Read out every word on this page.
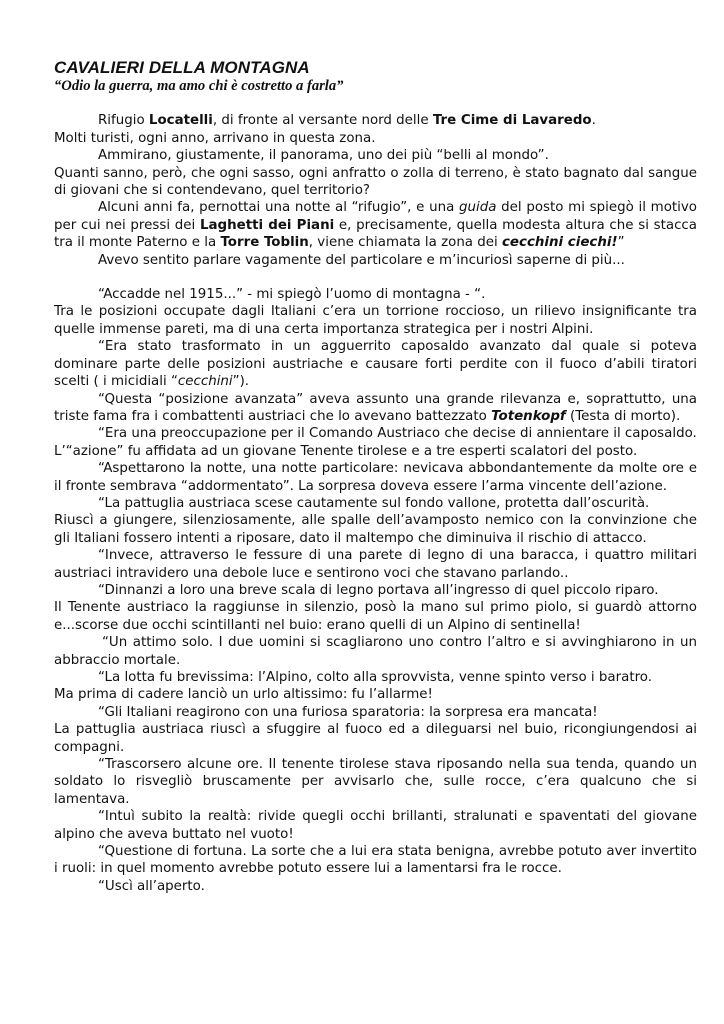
CAVALIERI DELLA MONTAGNA

“Odio la guerra, ma amo chi è costretto a farla”

Rifugio Locatelli, di fronte al versante nord delle Tre Cime di Lavaredo.

Molti turisti, ogni anno, arrivano in questa zona.

Ammirano, giustamente, il panorama, uno dei più “belli al mondo”.

Quanti sanno, però, che ogni sasso, ogni anfratto o zolla di terreno, è stato bagnato dal sangue di giovani che si contendevano, quel territorio?

Alcuni anni fa, pernottai una notte al “rifugio”, e una guida del posto mi spiegò il motivo per cui nei pressi dei Laghetti dei Piani e, precisamente, quella modesta altura che si stacca tra il monte Paterno e la Torre Toblin, viene chiamata la zona dei cecchini ciechi!”

Avevo sentito parlare vagamente del particolare e m’incuriosì saperne di più...

“Accadde nel 1915...” - mi spiegò l’uomo di montagna - “.

Tra le posizioni occupate dagli Italiani c’era un torrione roccioso, un rilievo insignificante tra quelle immense pareti, ma di una certa importanza strategica per i nostri Alpini.

“Era stato trasformato in un agguerrito caposaldo avanzato dal quale si poteva dominare parte delle posizioni austriache e causare forti perdite con il fuoco d’abili tiratori scelti ( i micidiali “cecchini”).

“Questa “posizione avanzata” aveva assunto una grande rilevanza e, soprattutto, una triste fama fra i combattenti austriaci che lo avevano battezzato Totenkopf (Testa di morto).

“Era una preoccupazione per il Comando Austriaco che decise di annientare il caposaldo.

L’“azione” fu affidata ad un giovane Tenente tirolese e a tre esperti scalatori del posto.

“Aspettarono la notte, una notte particolare: nevicava abbondantemente da molte ore e il fronte sembrava “addormentato”. La sorpresa doveva essere l’arma vincente dell’azione.

“La pattuglia austriaca scese cautamente sul fondo vallone, protetta dall’oscurità.

Riuscì a giungere, silenziosamente, alle spalle dell’avamposto nemico con la convinzione che gli Italiani fossero intenti a riposare, dato il maltempo che diminuiva il rischio di attacco.

“Invece, attraverso le fessure di una parete di legno di una baracca, i quattro militari austriaci intravidero una debole luce e sentirono voci che stavano parlando..

“Dinnanzi a loro una breve scala di legno portava all’ingresso di quel piccolo riparo.

Il Tenente austriaco la raggiunse in silenzio, posò la mano sul primo piolo, si guardò attorno e...scorse due occhi scintillanti nel buio: erano quelli di un Alpino di sentinella!

“Un attimo solo. I due uomini si scagliarono uno contro l’altro e si avvinghiarono in un abbraccio mortale.

“La lotta fu brevissima: l’Alpino, colto alla sprovvista, venne spinto verso i baratro.

Ma prima di cadere lanciò un urlo altissimo: fu l’allarme!

“Gli Italiani reagirono con una furiosa sparatoria: la sorpresa era mancata!

La pattuglia austriaca riuscì a sfuggire al fuoco ed a dileguarsi nel buio, ricongiungendosi ai compagni.

“Trascorsero alcune ore. Il tenente tirolese stava riposando nella sua tenda, quando un soldato lo risvegliò bruscamente per avvisarlo che, sulle rocce, c’era qualcuno che si lamentava.

“Intuì subito la realtà: rivide quegli occhi brillanti, stralunati e spaventati del giovane alpino che aveva buttato nel vuoto!

“Questione di fortuna. La sorte che a lui era stata benigna, avrebbe potuto aver invertito i ruoli: in quel momento avrebbe potuto essere lui a lamentarsi fra le rocce.

“Uscì all’aperto.
